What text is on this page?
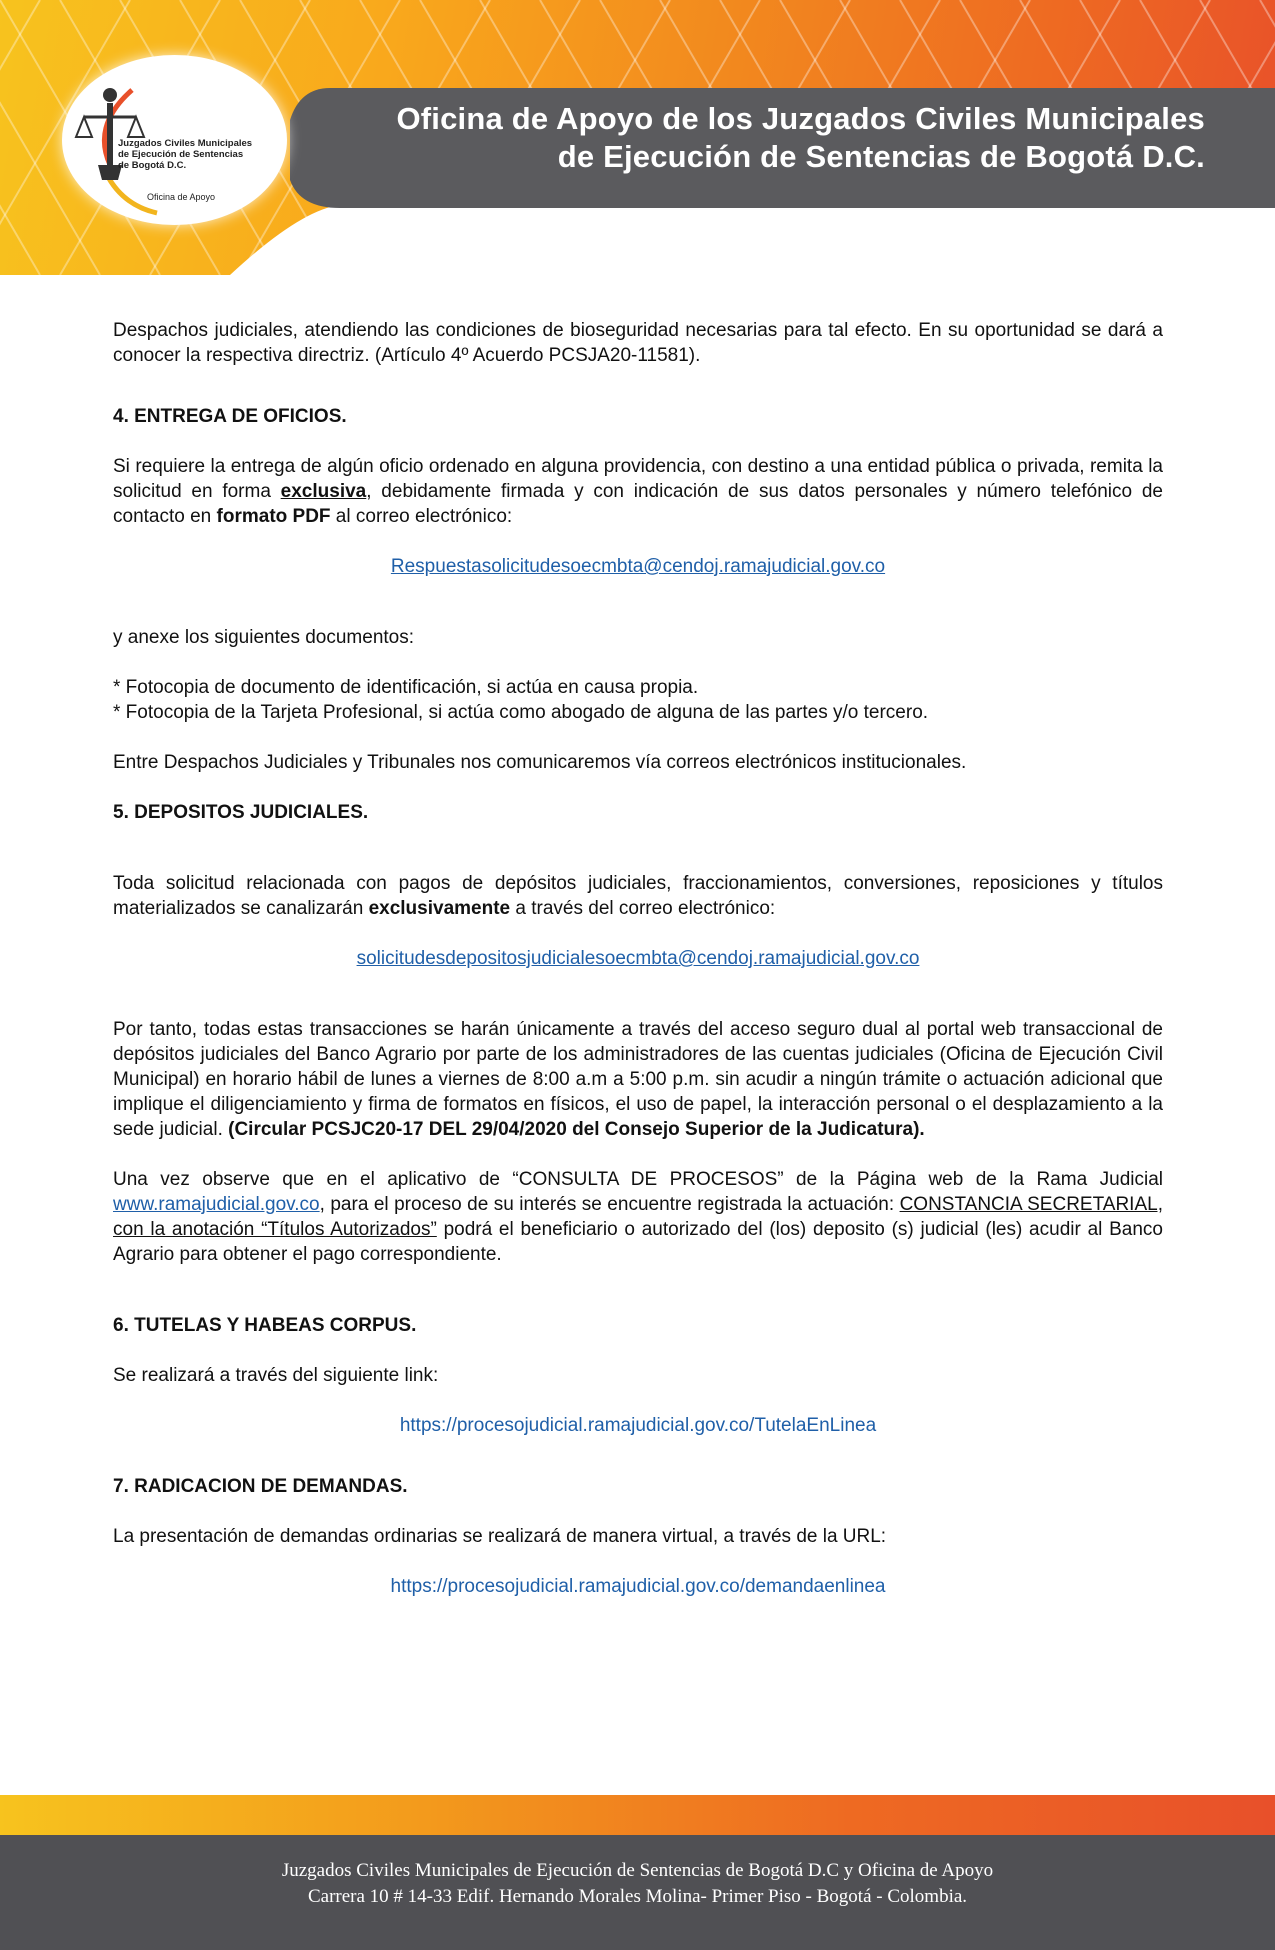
Oficina de Apoyo de los Juzgados Civiles Municipales
de Ejecución de Sentencias de Bogotá D.C.
Juzgados Civiles Municipales
de Ejecución de Sentencias
de Bogotá D.C.
Oficina de Apoyo

Despachos judiciales, atendiendo las condiciones de bioseguridad necesarias para tal efecto. En su oportunidad se dará a conocer la respectiva directriz. (Artículo 4º Acuerdo PCSJA20-11581).

4. ENTREGA DE OFICIOS.

Si requiere la entrega de algún oficio ordenado en alguna providencia, con destino a una entidad pública o privada, remita la solicitud en forma exclusiva, debidamente firmada y con indicación de sus datos personales y número telefónico de contacto en formato PDF al correo electrónico:

Respuestasolicitudesoecmbta@cendoj.ramajudicial.gov.co

y anexe los siguientes documentos:

* Fotocopia de documento de identificación, si actúa en causa propia.

* Fotocopia de la Tarjeta Profesional, si actúa como abogado de alguna de las partes y/o tercero.

Entre Despachos Judiciales y Tribunales nos comunicaremos vía correos electrónicos institucionales.

5. DEPOSITOS JUDICIALES.

Toda solicitud relacionada con pagos de depósitos judiciales, fraccionamientos, conversiones, reposiciones y títulos materializados se canalizarán exclusivamente a través del correo electrónico:

solicitudesdepositosjudicialesoecmbta@cendoj.ramajudicial.gov.co

Por tanto, todas estas transacciones se harán únicamente a través del acceso seguro dual al portal web transaccional de depósitos judiciales del Banco Agrario por parte de los administradores de las cuentas judiciales (Oficina de Ejecución Civil Municipal) en horario hábil de lunes a viernes de 8:00 a.m a 5:00 p.m. sin acudir a ningún trámite o actuación adicional que implique el diligenciamiento y firma de formatos en físicos, el uso de papel, la interacción personal o el desplazamiento a la sede judicial. (Circular PCSJC20-17 DEL 29/04/2020 del Consejo Superior de la Judicatura).

Una vez observe que en el aplicativo de “CONSULTA DE PROCESOS” de la Página web de la Rama Judicial www.ramajudicial.gov.co, para el proceso de su interés se encuentre registrada la actuación: CONSTANCIA SECRETARIAL, con la anotación “Títulos Autorizados” podrá el beneficiario o autorizado del (los) deposito (s) judicial (les) acudir al Banco Agrario para obtener el pago correspondiente.

6. TUTELAS Y HABEAS CORPUS.

Se realizará a través del siguiente link:

https://procesojudicial.ramajudicial.gov.co/TutelaEnLinea

7. RADICACION DE DEMANDAS.

La presentación de demandas ordinarias se realizará de manera virtual, a través de la URL:

https://procesojudicial.ramajudicial.gov.co/demandaenlinea

Juzgados Civiles Municipales de Ejecución de Sentencias de Bogotá D.C y Oficina de Apoyo
Carrera 10 # 14-33 Edif. Hernando Morales Molina- Primer Piso - Bogotá - Colombia.
